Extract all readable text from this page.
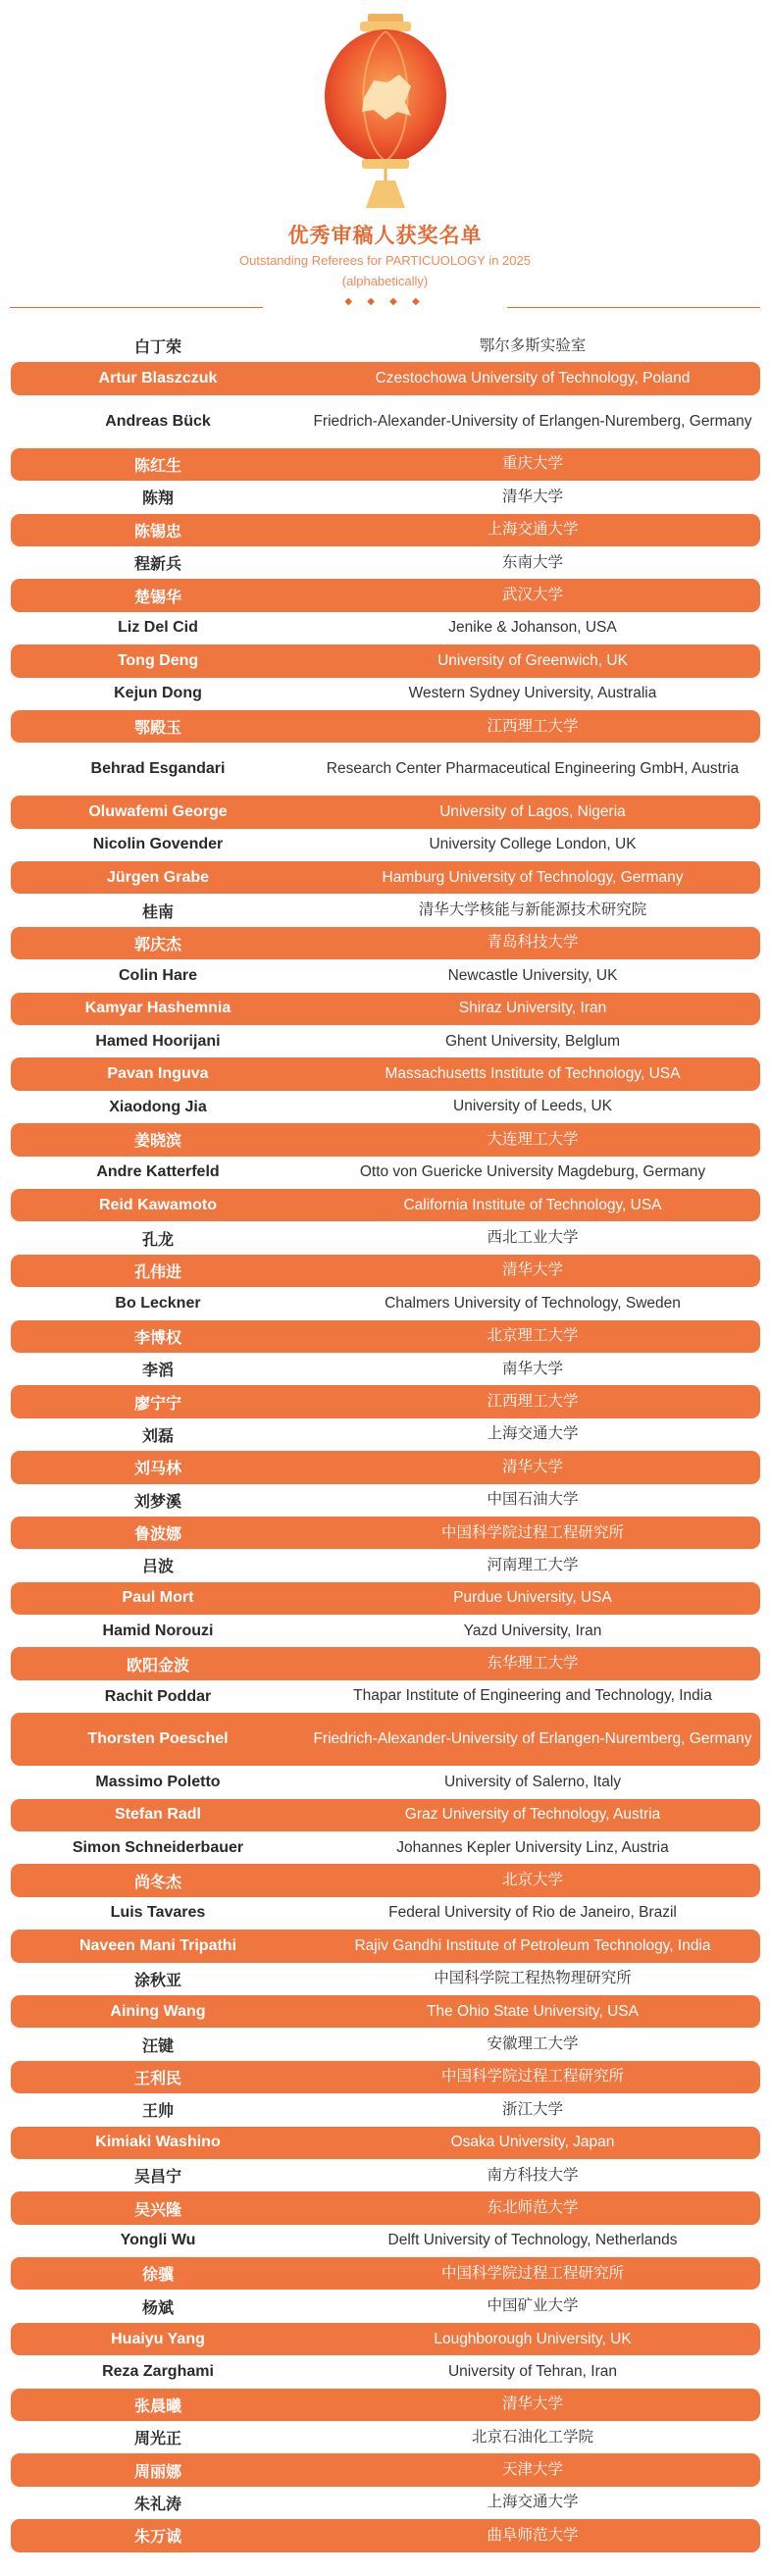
优秀审稿人获奖名单
Outstanding Referees for PARTICUOLOGY in 2025
(alphabetically)
◆ ◆ ◆ ◆
白丁荣	鄂尔多斯实验室
Artur Blaszczuk	Czestochowa University of Technology, Poland
Andreas Bück	Friedrich-Alexander-University of Erlangen-Nuremberg, Germany
陈红生	重庆大学
陈翔	清华大学
陈锡忠	上海交通大学
程新兵	东南大学
楚锡华	武汉大学
Liz Del Cid	Jenike & Johanson, USA
Tong Deng	University of Greenwich, UK
Kejun Dong	Western Sydney University, Australia
鄂殿玉	江西理工大学
Behrad Esgandari	Research Center Pharmaceutical Engineering GmbH, Austria
Oluwafemi George	University of Lagos, Nigeria
Nicolin Govender	University College London, UK
Jürgen Grabe	Hamburg University of Technology, Germany
桂南	清华大学核能与新能源技术研究院
郭庆杰	青岛科技大学
Colin Hare	Newcastle University, UK
Kamyar Hashemnia	Shiraz University, Iran
Hamed Hoorijani	Ghent University, Belglum
Pavan Inguva	Massachusetts Institute of Technology, USA
Xiaodong Jia	University of Leeds, UK
姜晓滨	大连理工大学
Andre Katterfeld	Otto von Guericke University Magdeburg, Germany
Reid Kawamoto	California Institute of Technology, USA
孔龙	西北工业大学
孔伟进	清华大学
Bo Leckner	Chalmers University of Technology, Sweden
李博权	北京理工大学
李滔	南华大学
廖宁宁	江西理工大学
刘磊	上海交通大学
刘马林	清华大学
刘梦溪	中国石油大学
鲁波娜	中国科学院过程工程研究所
吕波	河南理工大学
Paul Mort	Purdue University, USA
Hamid Norouzi	Yazd University, Iran
欧阳金波	东华理工大学
Rachit Poddar	Thapar Institute of Engineering and Technology, India
Thorsten Poeschel	Friedrich-Alexander-University of Erlangen-Nuremberg, Germany
Massimo Poletto	University of Salerno, Italy
Stefan Radl	Graz University of Technology, Austria
Simon Schneiderbauer	Johannes Kepler University Linz, Austria
尚冬杰	北京大学
Luis Tavares	Federal University of Rio de Janeiro, Brazil
Naveen Mani Tripathi	Rajiv Gandhi Institute of Petroleum Technology, India
涂秋亚	中国科学院工程热物理研究所
Aining Wang	The Ohio State University, USA
汪键	安徽理工大学
王利民	中国科学院过程工程研究所
王帅	浙江大学
Kimiaki Washino	Osaka University, Japan
吴昌宁	南方科技大学
吴兴隆	东北师范大学
Yongli Wu	Delft University of Technology, Netherlands
徐骥	中国科学院过程工程研究所
杨斌	中国矿业大学
Huaiyu Yang	Loughborough University, UK
Reza Zarghami	University of Tehran, Iran
张晨曦	清华大学
周光正	北京石油化工学院
周丽娜	天津大学
朱礼涛	上海交通大学
朱万诚	曲阜师范大学
